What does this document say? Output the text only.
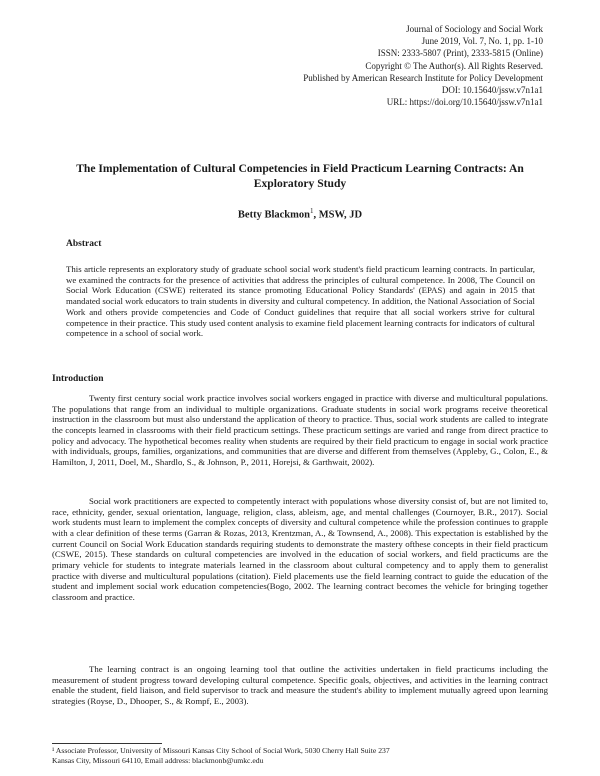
Journal of Sociology and Social Work
June 2019, Vol. 7, No. 1, pp. 1-10
ISSN: 2333-5807 (Print), 2333-5815 (Online)
Copyright © The Author(s). All Rights Reserved.
Published by American Research Institute for Policy Development
DOI: 10.15640/jssw.v7n1a1
URL: https://doi.org/10.15640/jssw.v7n1a1
The Implementation of Cultural Competencies in Field Practicum Learning Contracts: An
Exploratory Study
Betty Blackmon$^1$, MSW, JD
Abstract

This article represents an exploratory study of graduate school social work student's field practicum learning contracts. In particular, we examined the contracts for the presence of activities that address the principles of cultural competence. In 2008, The Council on Social Work Education (CSWE) reiterated its stance promoting Educational Policy Standards' (EPAS) and again in 2015 that mandated social work educators to train students in diversity and cultural competency. In addition, the National Association of Social Work and others provide competencies and Code of Conduct guidelines that require that all social workers strive for cultural competence in their practice. This study used content analysis to examine field placement learning contracts for indicators of cultural competence in a school of social work.

Introduction

Twenty first century social work practice involves social workers engaged in practice with diverse and multicultural populations. The populations that range from an individual to multiple organizations. Graduate students in social work programs receive theoretical instruction in the classroom but must also understand the application of theory to practice. Thus, social work students are called to integrate the concepts learned in classrooms with their field practicum settings. These practicum settings are varied and range from direct practice to policy and advocacy. The hypothetical becomes reality when students are required by their field practicum to engage in social work practice with individuals, groups, families, organizations, and communities that are diverse and different from themselves (Appleby, G., Colon, E., & Hamilton, J, 2011, Doel, M., Shardlo, S., & Johnson, P., 2011, Horejsi, & Garthwait, 2002).

Social work practitioners are expected to competently interact with populations whose diversity consist of, but are not limited to, race, ethnicity, gender, sexual orientation, language, religion, class, ableism, age, and mental challenges (Cournoyer, B.R., 2017). Social work students must learn to implement the complex concepts of diversity and cultural competence while the profession continues to grapple with a clear definition of these terms (Garran & Rozas, 2013, Krentzman, A., & Townsend, A., 2008). This expectation is established by the current Council on Social Work Education standards requiring students to demonstrate the mastery ofthese concepts in their field practicum (CSWE, 2015). These standards on cultural competencies are involved in the education of social workers, and field practicums are the primary vehicle for students to integrate materials learned in the classroom about cultural competency and to apply them to generalist practice with diverse and multicultural populations (citation). Field placements use the field learning contract to guide the education of the student and implement social work education competencies(Bogo, 2002. The learning contract becomes the vehicle for bringing together classroom and practice.

The learning contract is an ongoing learning tool that outline the activities undertaken in field practicums including the measurement of student progress toward developing cultural competence. Specific goals, objectives, and activities in the learning contract enable the student, field liaison, and field supervisor to track and measure the student's ability to implement mutually agreed upon learning strategies (Royse, D., Dhooper, S., & Rompf, E., 2003).

¹ Associate Professor, University of Missouri Kansas City School of Social Work, 5030 Cherry Hall Suite 237
Kansas City, Missouri 64110, Email address: blackmonb@umkc.edu
